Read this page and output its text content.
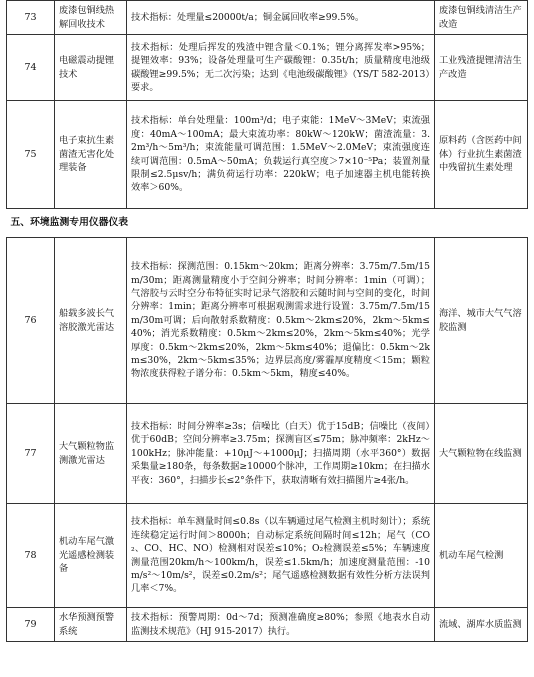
73	废漆包铜线热解回收技术	技术指标：处理量≤20000t/a；铜金属回收率≥99.5%。	废漆包铜线清洁生产改造
74	电磁震动提锂技术	技术指标：处理后挥发的残渣中锂含量＜0.1%；锂分离挥发率>95%；提锂效率：93%；设备处理量可生产碳酸锂：0.35t/h；质量精度电池级碳酸锂≥99.5%；无二次污染；达到《电池级碳酸锂》（YS/T 582-2013）要求。	工业残渣提锂清洁生产改造
75	电子束抗生素菌渣无害化处理装备	技术指标：单台处理量：100m³/d；电子束能：1MeV～3MeV；束流强度：40mA～100mA；最大束流功率：80kW～120kW；菌渣流量：3.2m³/h～5m³/h；束流能量可调范围：1.5MeV～2.0MeV；束流强度连续可调范围：0.5mA～50mA；负载运行真空度＞7×10⁻⁵Pa；装置剂量限制≤2.5μsv/h；满负荷运行功率：220kW；电子加速器主机电能转换效率＞60%。	原料药（含医药中间体）行业抗生素菌渣中残留抗生素处理
五、环境监测专用仪器仪表			
76	船载多波长气溶胶激光雷达	技术指标：探测范围：0.15km～20km；距离分辨率：3.75m/7.5m/15m/30m；距离测量精度小于空间分辨率；时间分辨率：1min（可调）；气溶胶与云时空分布特征实时记录气溶胶和云随时间与空间的变化，时间分辨率：1min；距离分辨率可根据观测需求进行设置：3.75m/7.5m/15m/30m可调；后向散射系数精度：0.5km～2km≤20%，2km～5km≤40%；消光系数精度：0.5km～2km≤20%，2km～5km≤40%；光学厚度：0.5km～2km≤20%，2km～5km≤40%；退偏比：0.5km～2km≤30%，2km～5km≤35%；边界层高度/雾霾厚度精度＜15m；颗粒物浓度获得粒子谱分布：0.5km～5km，精度≤40%。	海洋、城市大气气溶胶监测
77	大气颗粒物监测激光雷达	技术指标：时间分辨率≥3s；信噪比（白天）优于15dB；信噪比（夜间）优于60dB；空间分辨率≥3.75m；探测盲区≤75m；脉冲频率：2kHz～100kHz；脉冲能量：+10μJ～+1000μJ；扫描周期（水平360°）数据采集量≥180条，每条数据≥10000个脉冲，工作周期≥10km；在扫描水平夜：360°，扫描步长≤2°条件下，获取清晰有效扫描图片≥4张/h。	大气颗粒物在线监测
78	机动车尾气激光遥感检测装备	技术指标：单车测量时间≤0.8s（以车辆通过尾气检测主机时刻计）；系统连续稳定运行时间＞8000h；自动标定系统间隔时间≤12h；尾气（CO₂、CO、HC、NO）检测相对误差≤10%；O₂检测误差≤5%；车辆速度测量范围20km/h～100km/h，误差≤1.5km/h；加速度测量范围：-10m/s²～10m/s²，误差≤0.2m/s²；尾气遥感检测数据有效性分析方法误判几率＜7%。	机动车尾气检测
79	水华预测预警系统	技术指标：预警周期：0d～7d；预测准确度≥80%；参照《地表水自动监测技术规范》（HJ 915-2017）执行。	流域、湖库水质监测
